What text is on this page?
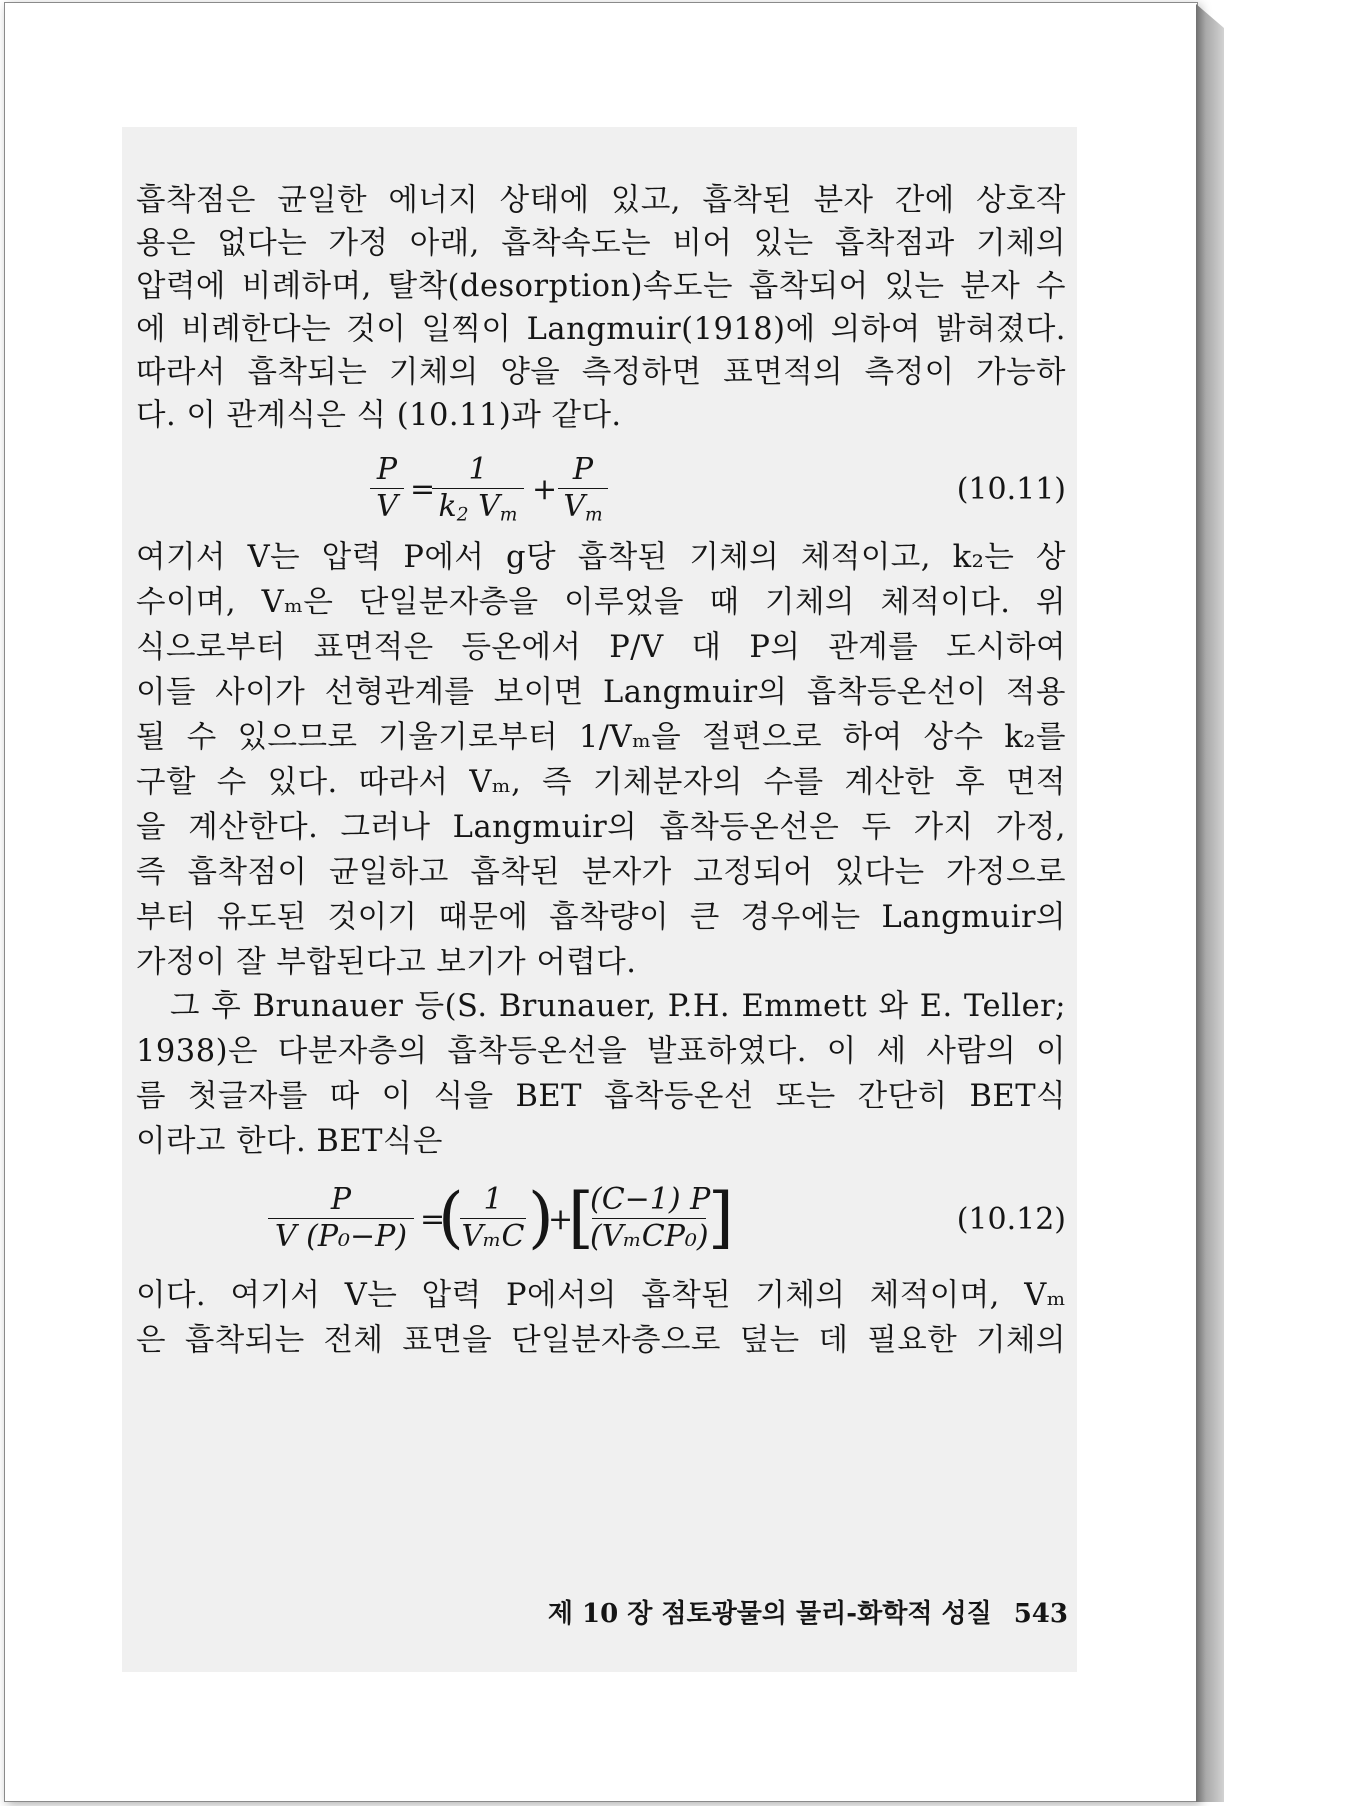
흡착점은 균일한 에너지 상태에 있고, 흡착된 분자 간에 상호작
용은 없다는 가정 아래, 흡착속도는 비어 있는 흡착점과 기체의
압력에 비례하며, 탈착(desorption)속도는 흡착되어 있는 분자 수
에 비례한다는 것이 일찍이 Langmuir(1918)에 의하여 밝혀졌다.
따라서 흡착되는 기체의 양을 측정하면 표면적의 측정이 가능하
다. 이 관계식은 식 (10.11)과 같다.
P
V =
1
$k_2$ $V_m$
+
P
$V_m$
(10.11)
여기서 V는 압력 P에서 g당 흡착된 기체의 체적이고, k₂는 상
수이며, Vₘ은 단일분자층을 이루었을 때 기체의 체적이다. 위
식으로부터 표면적은 등온에서 P/V 대 P의 관계를 도시하여
이들 사이가 선형관계를 보이면 Langmuir의 흡착등온선이 적용
될 수 있으므로 기울기로부터 1/Vₘ을 절편으로 하여 상수 k₂를
구할 수 있다. 따라서 Vₘ, 즉 기체분자의 수를 계산한 후 면적
을 계산한다. 그러나 Langmuir의 흡착등온선은 두 가지 가정,
즉 흡착점이 균일하고 흡착된 분자가 고정되어 있다는 가정으로
부터 유도된 것이기 때문에 흡착량이 큰 경우에는 Langmuir의
가정이 잘 부합된다고 보기가 어렵다.
그 후 Brunauer 등(S. Brunauer, P.H. Emmett 와 E. Teller;
1938)은 다분자층의 흡착등온선을 발표하였다. 이 세 사람의 이
름 첫글자를 따 이 식을 BET 흡착등온선 또는 간단히 BET식
이라고 한다. BET식은
P
V (P₀−P) =
( 1
VₘC )
+
[
(C−1) P
(VₘCP₀) ]	(10.12)
이다. 여기서 V는 압력 P에서의 흡착된 기체의 체적이며, Vₘ
은 흡착되는 전체 표면을 단일분자층으로 덮는 데 필요한 기체의
제 10 장 점토광물의 물리-화학적 성질 543
